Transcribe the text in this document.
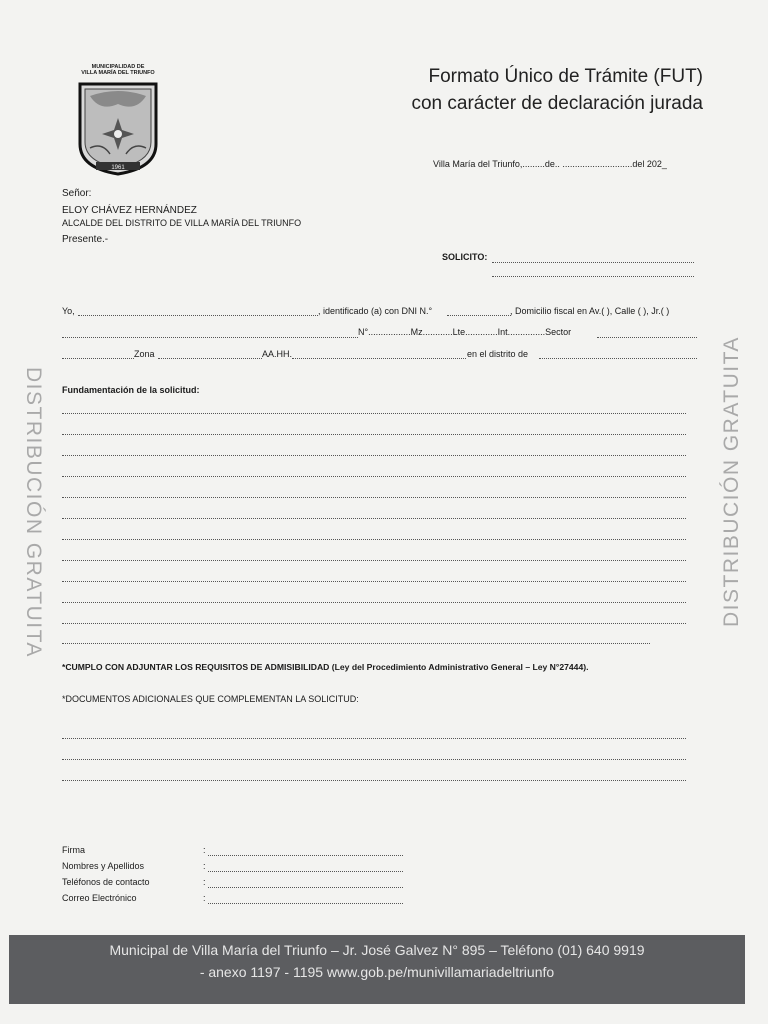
MUNICIPALIDAD DE
VILLA MARÍA DEL TRIUNFO
1961
Formato Único de Trámite (FUT)
con carácter de declaración jurada
Villa María del Triunfo,.........de.. ............................del 202_
Señor:
ELOY CHÁVEZ HERNÁNDEZ
ALCALDE DEL DISTRITO DE VILLA MARÍA DEL TRIUNFO
Presente.-
SOLICITO:
Yo,	, identificado (a) con DNI N.°	, Domicilio fiscal en Av.( ), Calle ( ), Jr.( )
N°.................Mz............Lte.............Int...............Sector
Zona	AA.HH.	en el distrito de
Fundamentación de la solicitud:
*CUMPLO CON ADJUNTAR LOS REQUISITOS DE ADMISIBILIDAD (Ley del Procedimiento Administrativo General – Ley N°27444).
*DOCUMENTOS ADICIONALES QUE COMPLEMENTAN LA SOLICITUD:
Firma	:
Nombres y Apellidos	:
Teléfonos de contacto	:
Correo Electrónico	:
DISTRIBUCIÓN GRATUITA	DISTRIBUCIÓN GRATUITA
Municipal de Villa María del Triunfo – Jr. José Galvez N° 895 – Teléfono (01) 640 9919
- anexo 1197 - 1195 www.gob.pe/munivillamariadeltriunfo
